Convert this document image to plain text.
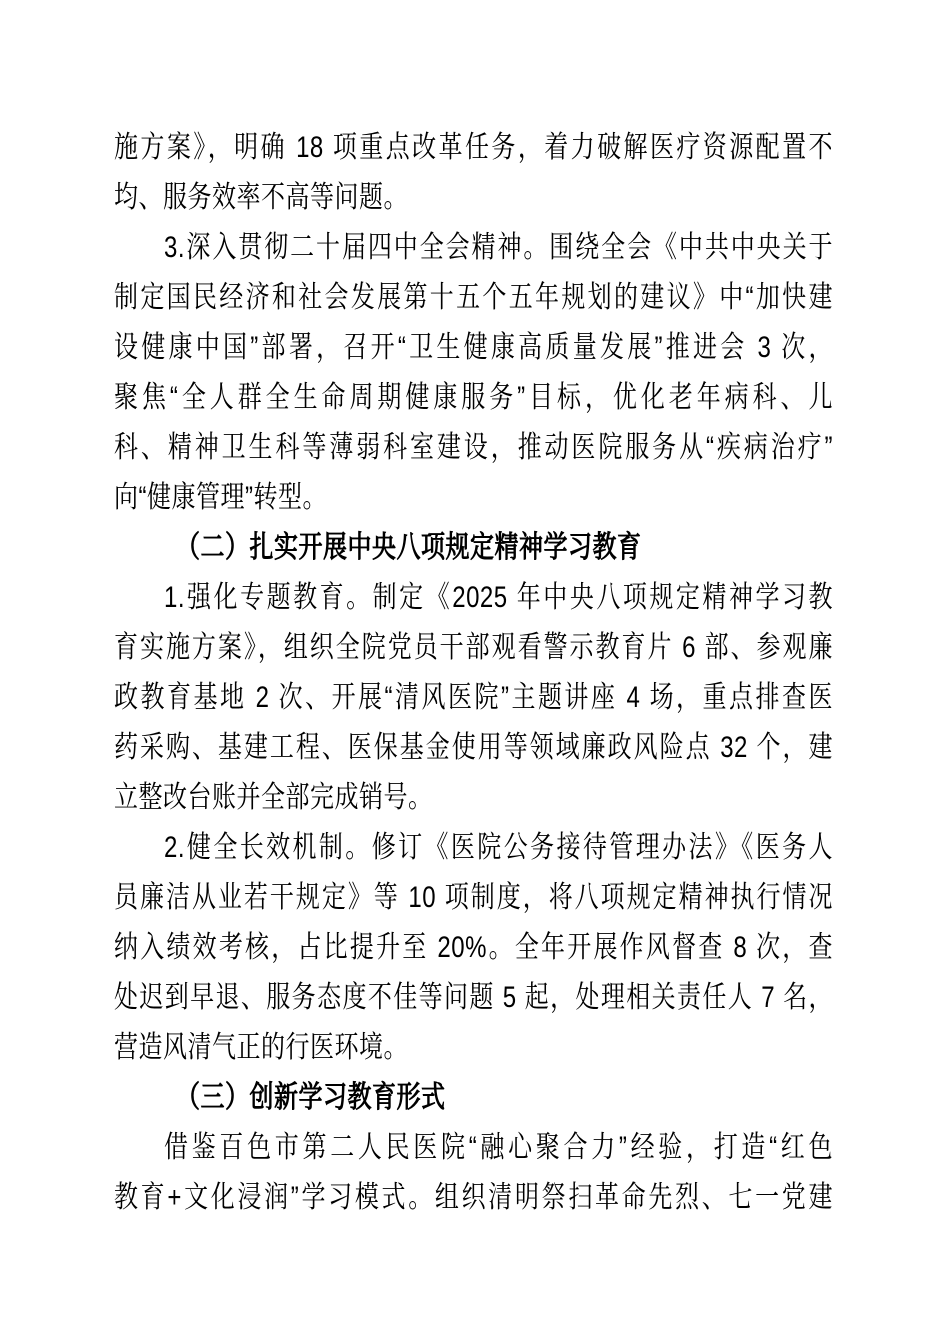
施方案》，明确 18 项重点改革任务，着力破解医疗资源配置不
均、服务效率不高等问题。
3.深入贯彻二十届四中全会精神。围绕全会《中共中央关于
制定国民经济和社会发展第十五个五年规划的建议》中“加快建
设健康中国”部署，召开“卫生健康高质量发展”推进会 3 次，
聚焦“全人群全生命周期健康服务”目标，优化老年病科、儿
科、精神卫生科等薄弱科室建设，推动医院服务从“疾病治疗”
向“健康管理”转型。
（二）扎实开展中央八项规定精神学习教育
1.强化专题教育。制定《2025 年中央八项规定精神学习教
育实施方案》，组织全院党员干部观看警示教育片 6 部、参观廉
政教育基地 2 次、开展“清风医院”主题讲座 4 场，重点排查医
药采购、基建工程、医保基金使用等领域廉政风险点 32 个，建
立整改台账并全部完成销号。
2.健全长效机制。修订《医院公务接待管理办法》《医务人
员廉洁从业若干规定》等 10 项制度，将八项规定精神执行情况
纳入绩效考核，占比提升至 20%。全年开展作风督查 8 次，查
处迟到早退、服务态度不佳等问题 5 起，处理相关责任人 7 名，
营造风清气正的行医环境。
（三）创新学习教育形式
借鉴百色市第二人民医院“融心聚合力”经验，打造“红色
教育+文化浸润”学习模式。组织清明祭扫革命先烈、七一党建
